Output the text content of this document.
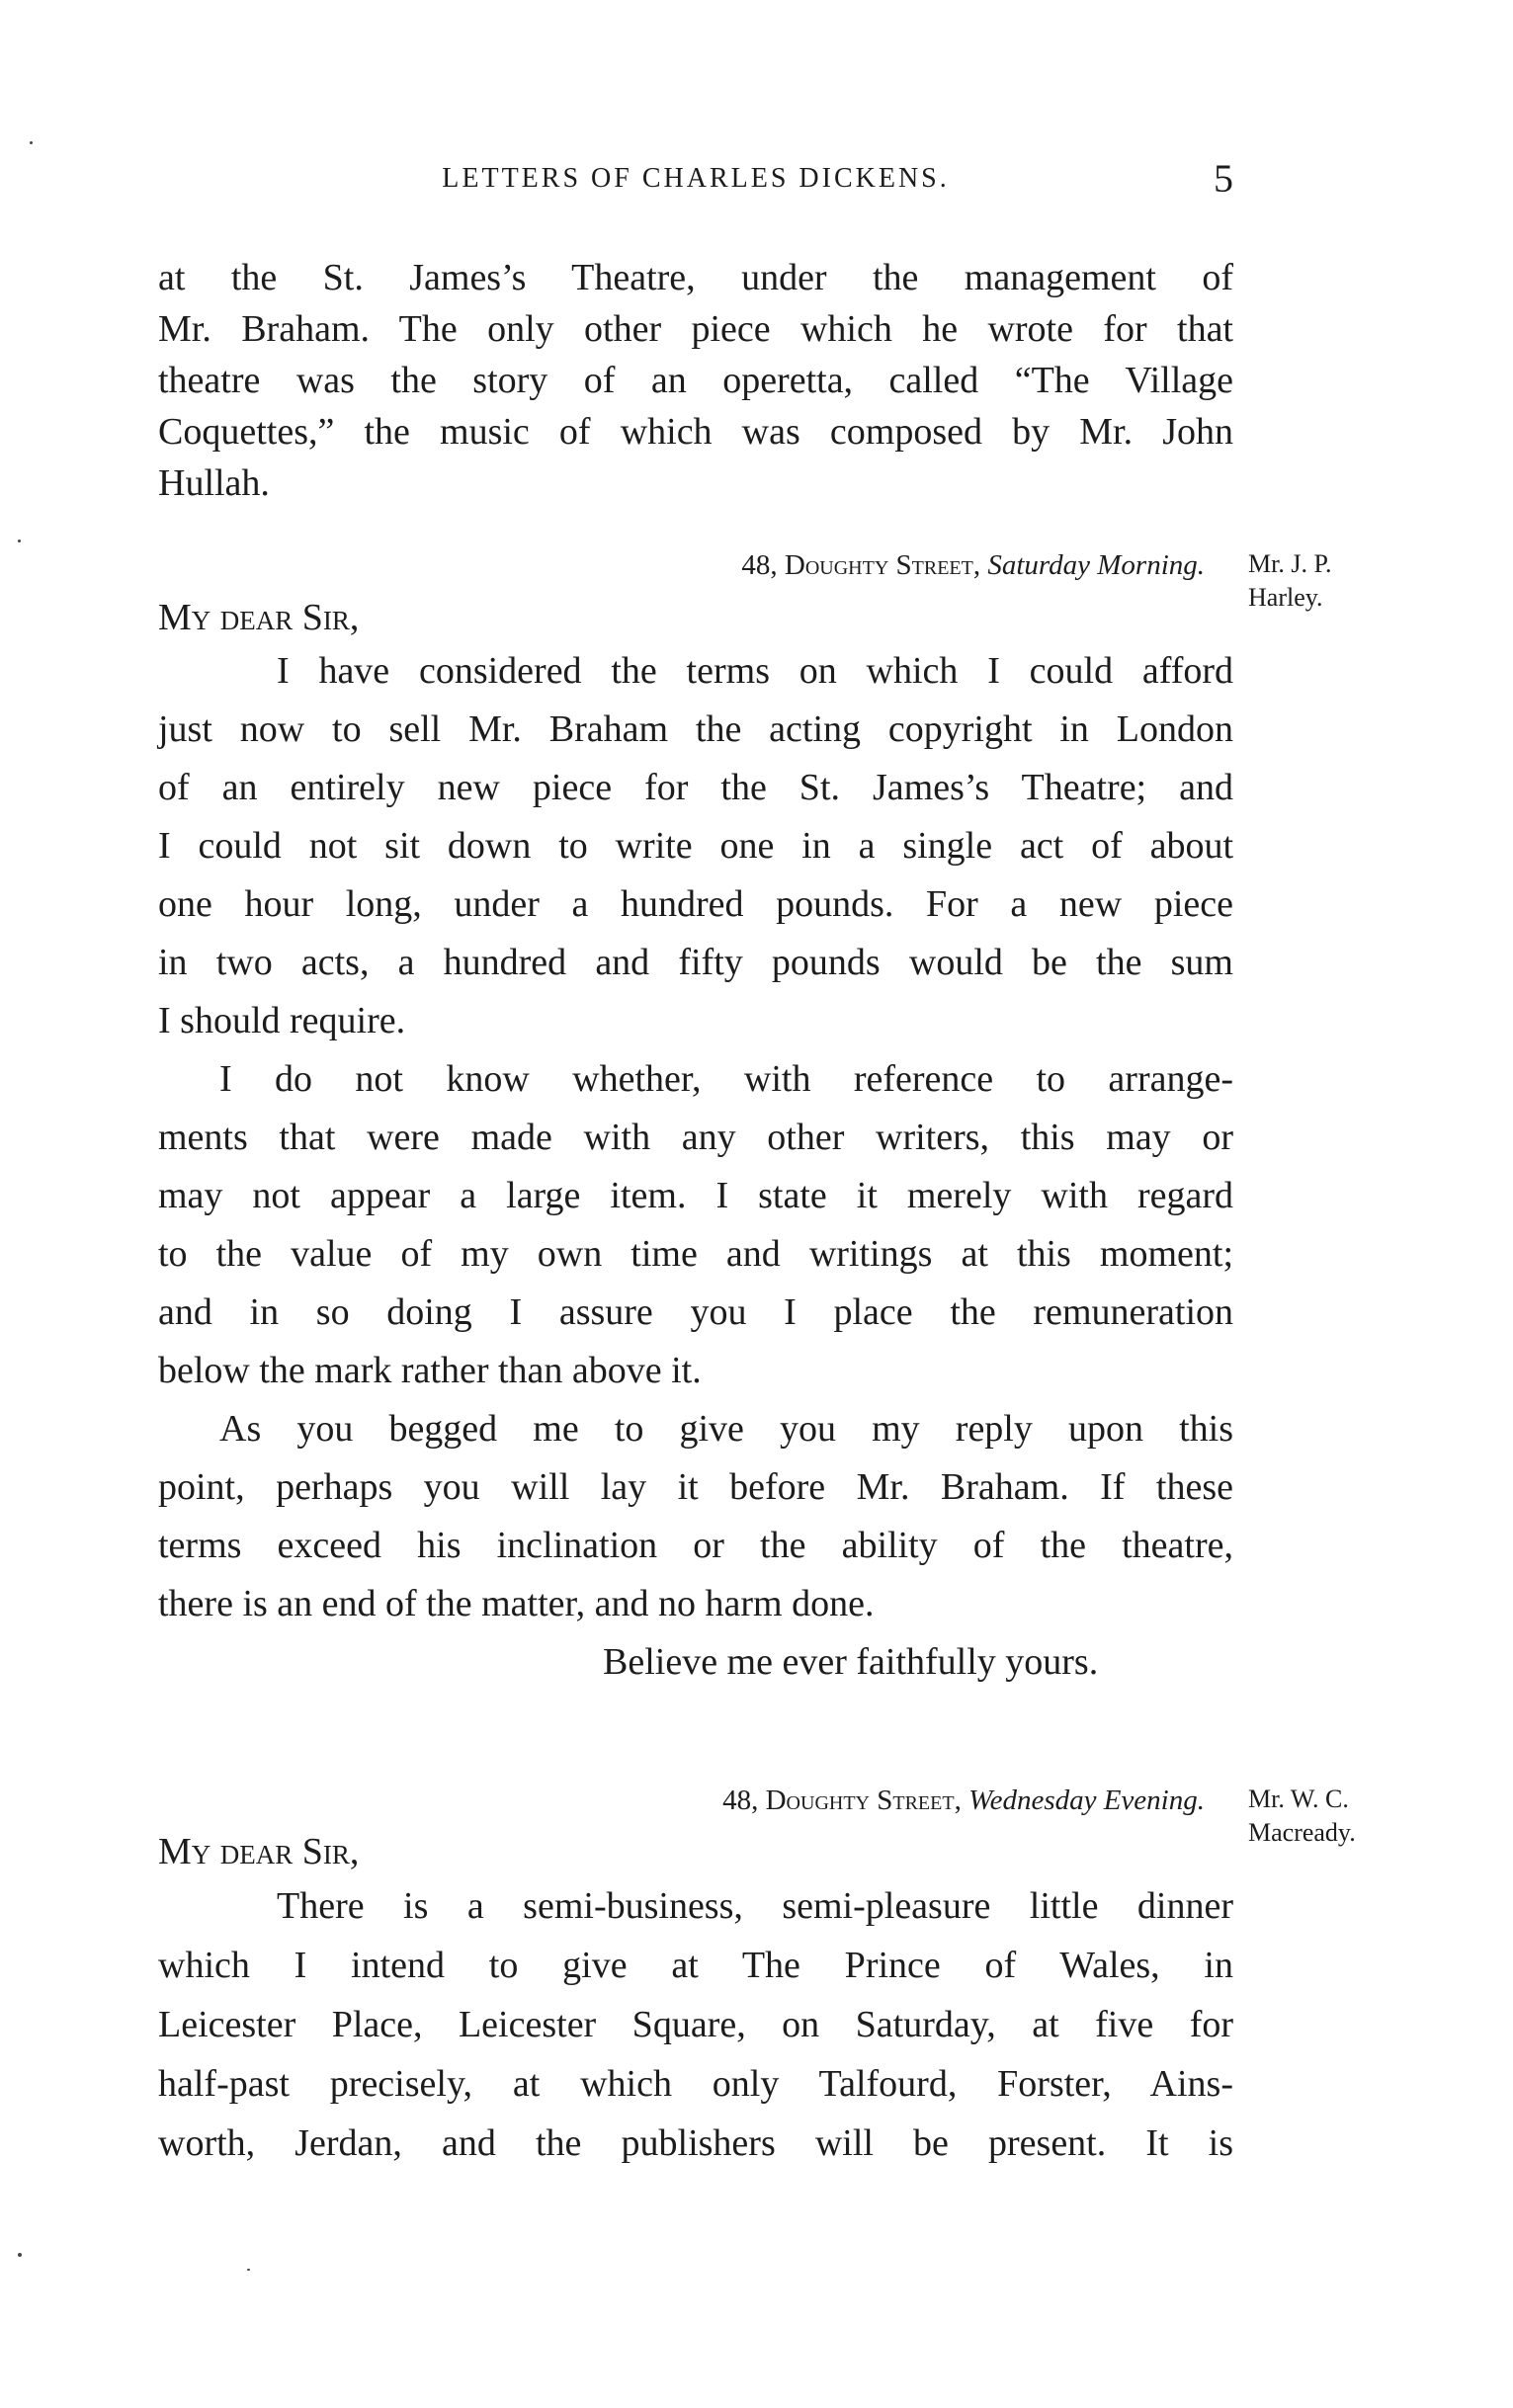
LETTERS OF CHARLES DICKENS.	5
at the St. James’s Theatre, under the management of
Mr. Braham. The only other piece which he wrote for that
theatre was the story of an operetta, called “The Village
Coquettes,” the music of which was composed by Mr. John
Hullah.
48, Doughty Street, Saturday Morning. Mr. J. P.
Harley.
My dear Sir,
I have considered the terms on which I could afford
just now to sell Mr. Braham the acting copyright in London
of an entirely new piece for the St. James’s Theatre; and
I could not sit down to write one in a single act of about
one hour long, under a hundred pounds. For a new piece
in two acts, a hundred and fifty pounds would be the sum
I should require.
I do not know whether, with reference to arrange-
ments that were made with any other writers, this may or
may not appear a large item. I state it merely with regard
to the value of my own time and writings at this moment;
and in so doing I assure you I place the remuneration
below the mark rather than above it.
As you begged me to give you my reply upon this
point, perhaps you will lay it before Mr. Braham. If these
terms exceed his inclination or the ability of the theatre,
there is an end of the matter, and no harm done.
Believe me ever faithfully yours.
48, Doughty Street, Wednesday Evening. Mr. W. C.
Macready.
My dear Sir,
There is a semi-business, semi-pleasure little dinner
which I intend to give at The Prince of Wales, in
Leicester Place, Leicester Square, on Saturday, at five for
half-past precisely, at which only Talfourd, Forster, Ains-
worth, Jerdan, and the publishers will be present. It is
